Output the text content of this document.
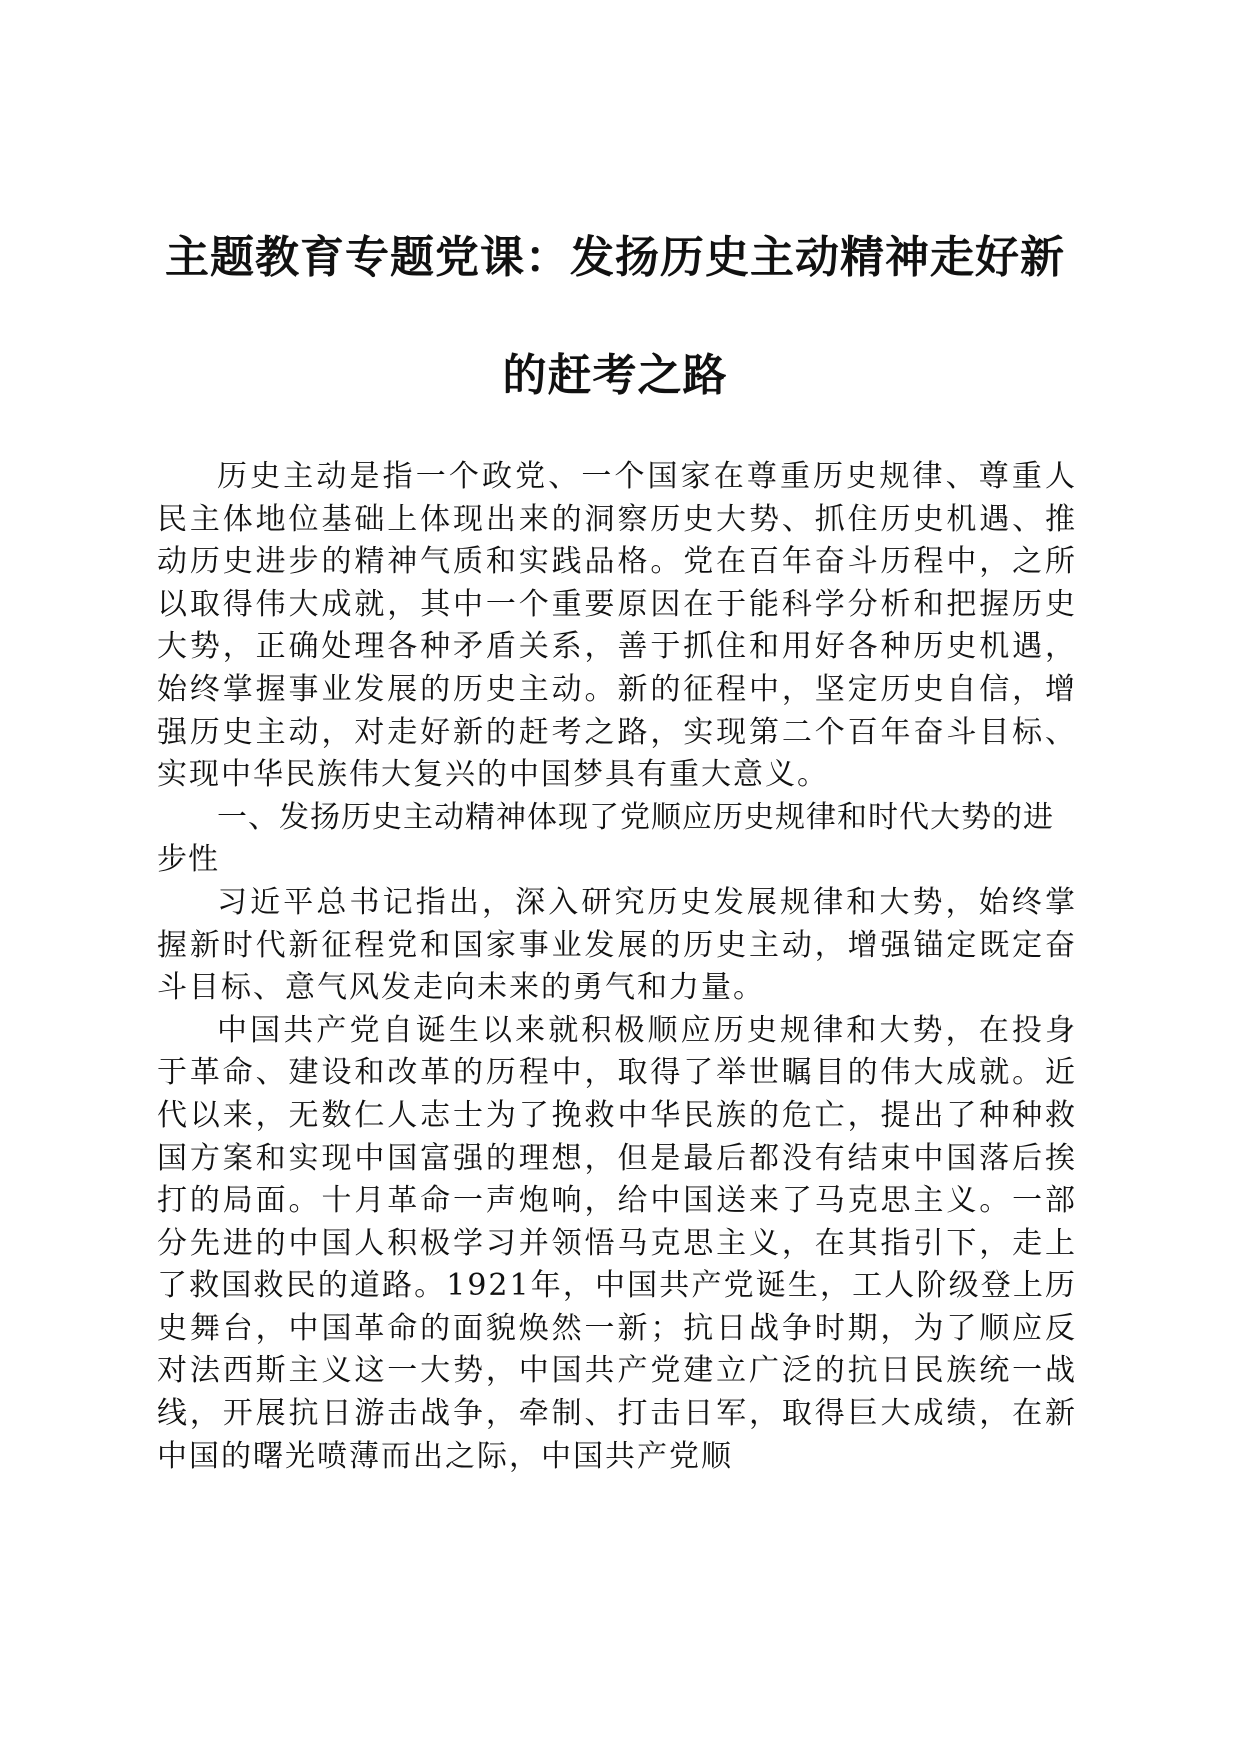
主题教育专题党课：发扬历史主动精神走好新
的赶考之路

历史主动是指一个政党、一个国家在尊重历史规律、尊重人民主体地位基础上体现出来的洞察历史大势、抓住历史机遇、推动历史进步的精神气质和实践品格。党在百年奋斗历程中，之所以取得伟大成就，其中一个重要原因在于能科学分析和把握历史大势，正确处理各种矛盾关系，善于抓住和用好各种历史机遇，始终掌握事业发展的历史主动。新的征程中，坚定历史自信，增强历史主动，对走好新的赶考之路，实现第二个百年奋斗目标、实现中华民族伟大复兴的中国梦具有重大意义。

一、发扬历史主动精神体现了党顺应历史规律和时代大势的进步性

习近平总书记指出，深入研究历史发展规律和大势，始终掌握新时代新征程党和国家事业发展的历史主动，增强锚定既定奋斗目标、意气风发走向未来的勇气和力量。

中国共产党自诞生以来就积极顺应历史规律和大势，在投身于革命、建设和改革的历程中，取得了举世瞩目的伟大成就。近代以来，无数仁人志士为了挽救中华民族的危亡，提出了种种救国方案和实现中国富强的理想，但是最后都没有结束中国落后挨打的局面。十月革命一声炮响，给中国送来了马克思主义。一部分先进的中国人积极学习并领悟马克思主义，在其指引下，走上了救国救民的道路。1921年，中国共产党诞生，工人阶级登上历史舞台，中国革命的面貌焕然一新；抗日战争时期，为了顺应反对法西斯主义这一大势，中国共产党建立广泛的抗日民族统一战线，开展抗日游击战争，牵制、打击日军，取得巨大成绩，在新中国的曙光喷薄而出之际，中国共产党顺
